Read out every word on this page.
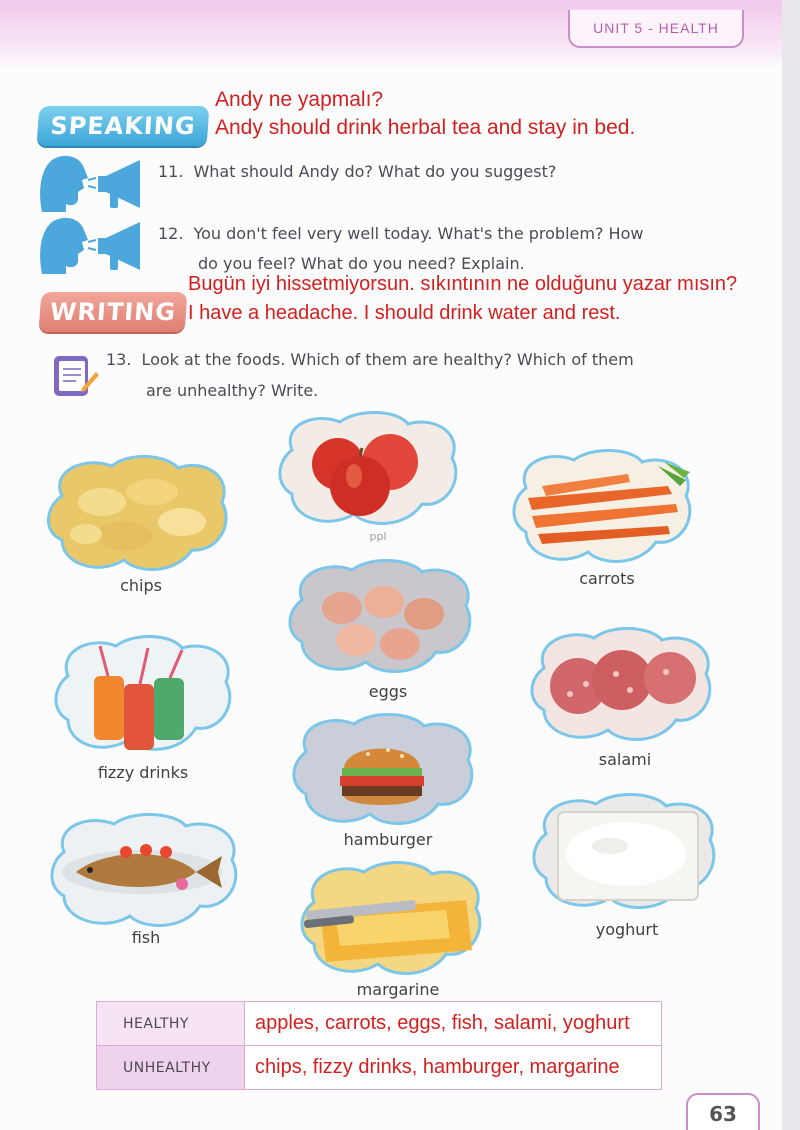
UNIT 5 - HEALTH
SPEAKING
Andy ne yapmalı?
Andy should drink herbal tea and stay in bed.
11. What should Andy do? What do you suggest?
12. You don't feel very well today. What's the problem? How
do you feel? What do you need? Explain.
WRITING
Bugün iyi hissetmiyorsun. sıkıntının ne olduğunu yazar mısın?
I have a headache. I should drink water and rest.
13. Look at the foods. Which of them are healthy? Which of them
are unhealthy? Write.
chips
ppl
carrots
eggs
fizzy drinks
salami
hamburger
fish	yoghurt
margarine
HEALTHY	apples, carrots, eggs, fish, salami, yoghurt
UNHEALTHY	chips, fizzy drinks, hamburger, margarine
63
